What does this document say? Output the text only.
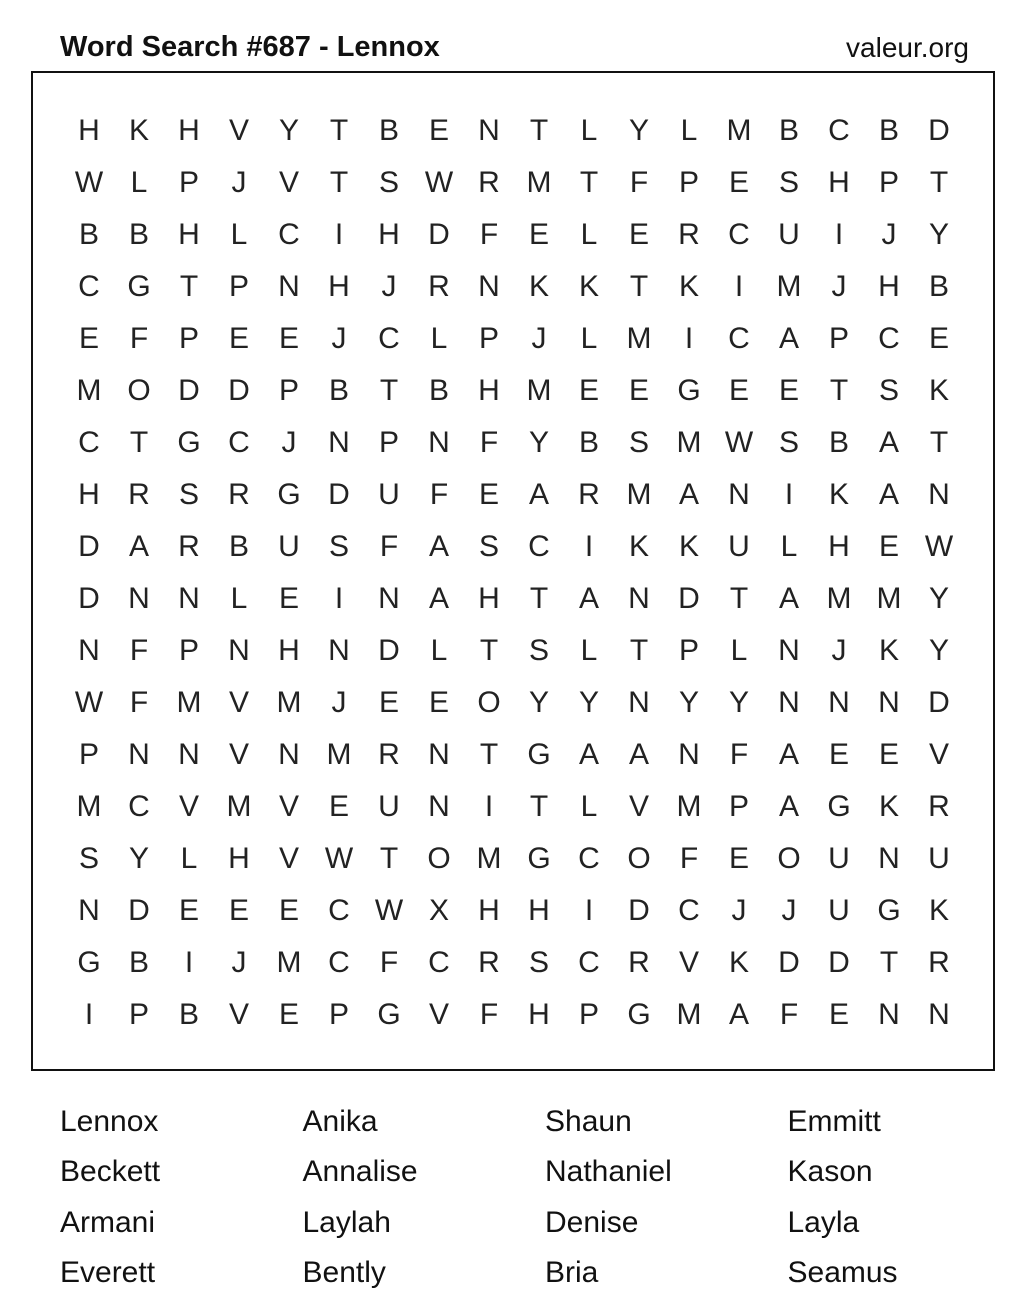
Word Search #687 - Lennox	valeur.org
H K H V Y	T	B E N	T	L	Y	L M B C B D
W L	P	J	V	T	S W R M T	F	P E S H P	T
B B H	L	C	I	H D	F	E	L	E R C U	I	J	Y
C G T	P N H	J	R N K K	T	K	I	M	J	H B
E	F	P E E	J	C	L	P	J	L M	I	C A P C E
M O D D P B	T	B H M E E G E E	T	S K
C	T G C	J	N P N	F	Y B S M W S B A	T
H R S R G D U	F	E A R M A N	I	K A N
D A R B U S	F	A S C	I	K K U	L	H E W
D N N	L	E	I	N A H	T	A N D	T	A M M Y
N	F	P N H N D	L	T	S	L	T	P	L	N	J	K Y
W F M V M	J	E E O Y Y N Y Y N N N D
P N N V N M R N	T G A A N	F	A E E V
M C V M V E U N	I	T	L	V M P A G K R
S Y	L	H V W T O M G C O F	E O U N U
N D E E E C W X H H	I	D C	J	J	U G K
G B	I	J	M C	F	C R S C R V K D D	T	R
I	P B V E P G V	F	H P G M A	F	E N N
Lennox	Anika	Shaun	Emmitt
Beckett	Annalise	Nathaniel	Kason
Armani	Laylah	Denise	Layla
Everett	Bently	Bria	Seamus
